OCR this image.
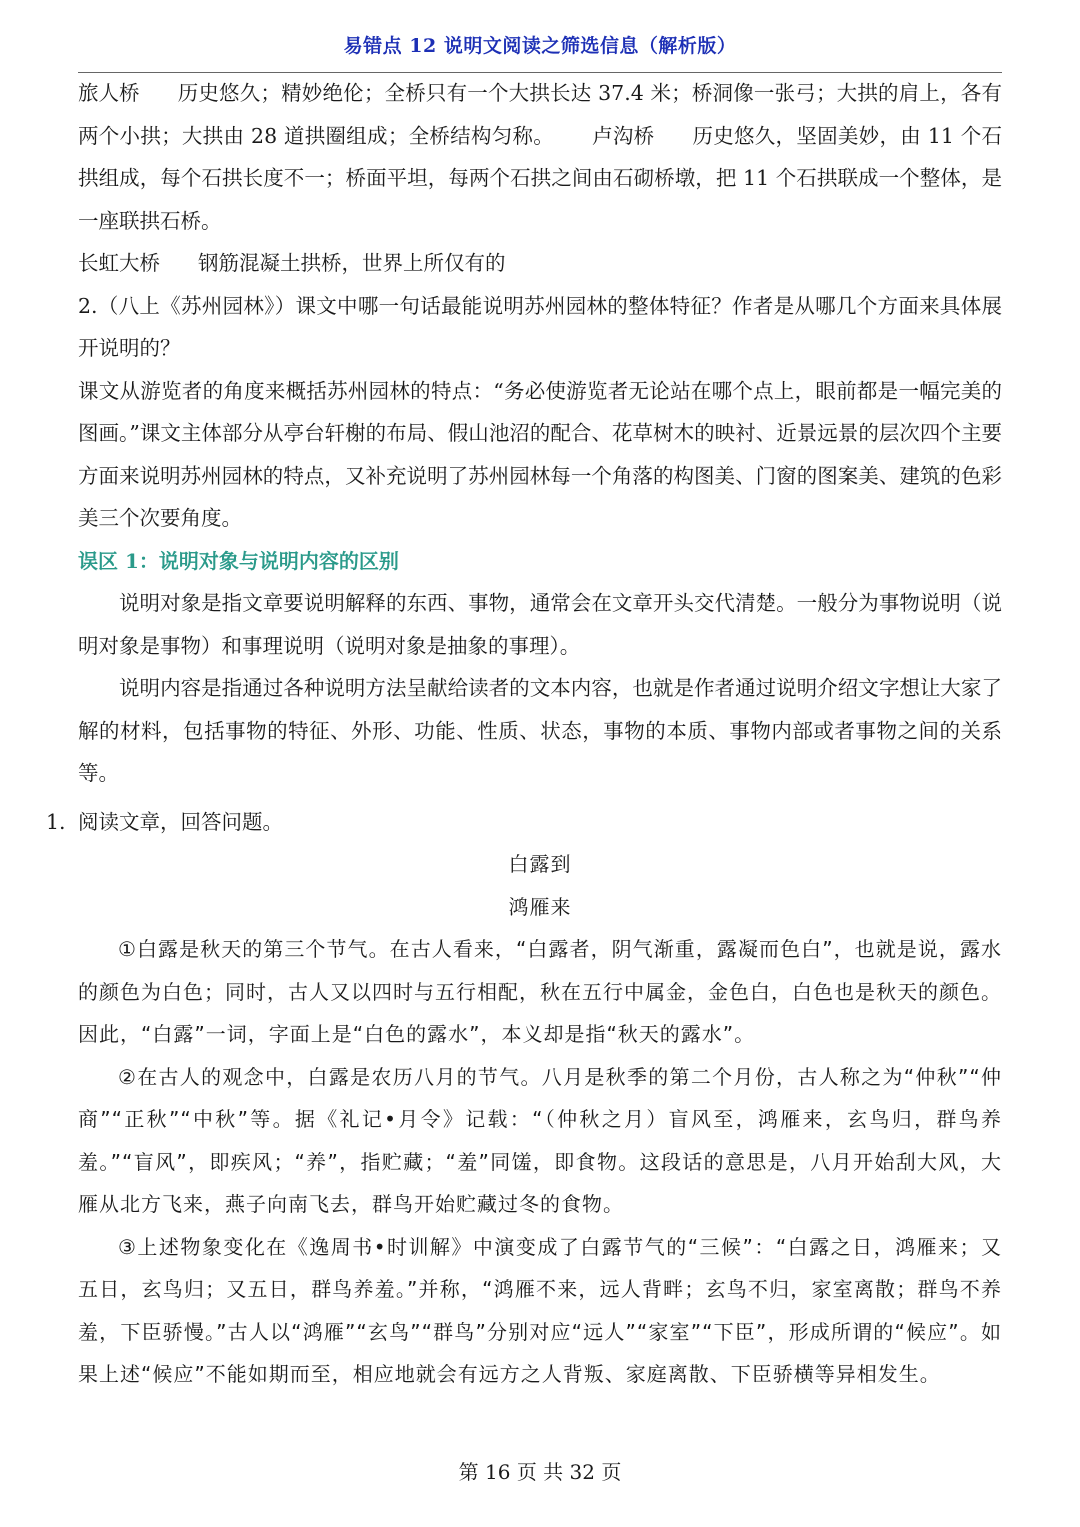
易错点 12 说明文阅读之筛选信息（解析版）

旅人桥 历史悠久；精妙绝伦；全桥只有一个大拱长达 37.4 米；桥洞像一张弓；大拱的肩上，各有两个小拱；大拱由 28 道拱圈组成；全桥结构匀称。 卢沟桥 历史悠久，坚固美妙，由 11 个石拱组成，每个石拱长度不一；桥面平坦，每两个石拱之间由石砌桥墩，把 11 个石拱联成一个整体，是一座联拱石桥。

长虹大桥 钢筋混凝土拱桥，世界上所仅有的

2.（八上《苏州园林》）课文中哪一句话最能说明苏州园林的整体特征？作者是从哪几个方面来具体展开说明的？

课文从游览者的角度来概括苏州园林的特点：“务必使游览者无论站在哪个点上，眼前都是一幅完美的图画。”课文主体部分从亭台轩榭的布局、假山池沼的配合、花草树木的映衬、近景远景的层次四个主要方面来说明苏州园林的特点，又补充说明了苏州园林每一个角落的构图美、门窗的图案美、建筑的色彩美三个次要角度。

误区 1：说明对象与说明内容的区别

说明对象是指文章要说明解释的东西、事物，通常会在文章开头交代清楚。一般分为事物说明（说明对象是事物）和事理说明（说明对象是抽象的事理）。

说明内容是指通过各种说明方法呈献给读者的文本内容，也就是作者通过说明介绍文字想让大家了解的材料，包括事物的特征、外形、功能、性质、状态，事物的本质、事物内部或者事物之间的关系等。

1. 阅读文章，回答问题。

白露到

鸿雁来

①白露是秋天的第三个节气。在古人看来，“白露者，阴气渐重，露凝而色白”，也就是说，露水的颜色为白色；同时，古人又以四时与五行相配，秋在五行中属金，金色白，白色也是秋天的颜色。因此，“白露”一词，字面上是“白色的露水”，本义却是指“秋天的露水”。

②在古人的观念中，白露是农历八月的节气。八月是秋季的第二个月份，古人称之为“仲秋”“仲商”“正秋”“中秋”等。据《礼记•月令》记载：“（仲秋之月）盲风至，鸿雁来，玄鸟归，群鸟养羞。”“盲风”，即疾风；“养”，指贮藏；“羞”同馐，即食物。这段话的意思是，八月开始刮大风，大雁从北方飞来，燕子向南飞去，群鸟开始贮藏过冬的食物。

③上述物象变化在《逸周书•时训解》中演变成了白露节气的“三候”：“白露之日，鸿雁来；又五日，玄鸟归；又五日，群鸟养羞。”并称，“鸿雁不来，远人背畔；玄鸟不归，家室离散；群鸟不养羞，下臣骄慢。”古人以“鸿雁”“玄鸟”“群鸟”分别对应“远人”“家室”“下臣”，形成所谓的“候应”。如果上述“候应”不能如期而至，相应地就会有远方之人背叛、家庭离散、下臣骄横等异相发生。

第 16 页 共 32 页
